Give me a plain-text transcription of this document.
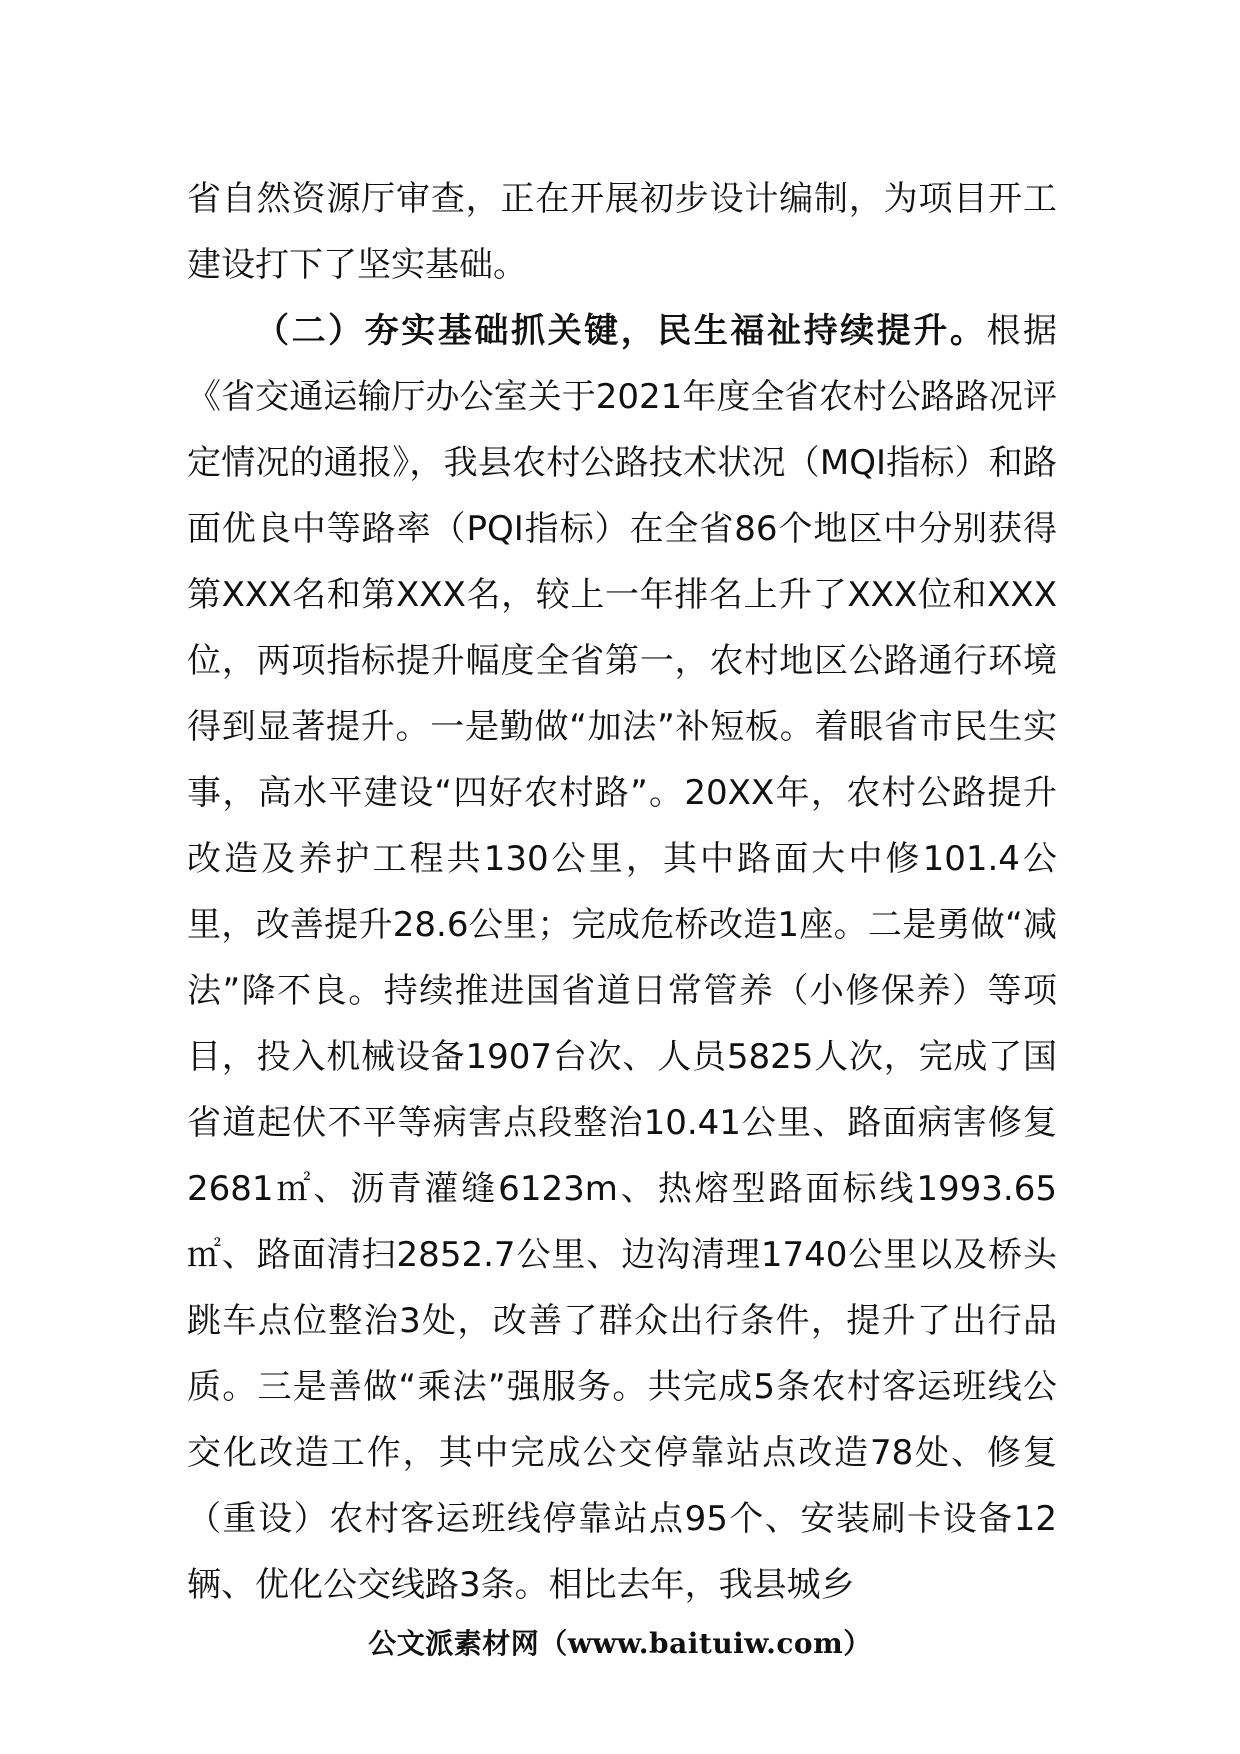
省自然资源厅审查，正在开展初步设计编制，为项目开工建设打下了坚实基础。

（二）夯实基础抓关键，民生福祉持续提升。根据《省交通运输厅办公室关于2021年度全省农村公路路况评定情况的通报》，我县农村公路技术状况（MQI指标）和路面优良中等路率（PQI指标）在全省86个地区中分别获得第XXX名和第XXX名，较上一年排名上升了XXX位和XXX位，两项指标提升幅度全省第一，农村地区公路通行环境得到显著提升。一是勤做“加法”补短板。着眼省市民生实事，高水平建设“四好农村路”。20XX年，农村公路提升改造及养护工程共130公里，其中路面大中修101.4公里，改善提升28.6公里；完成危桥改造1座。二是勇做“减法”降不良。持续推进国省道日常管养（小修保养）等项目，投入机械设备1907台次、人员5825人次，完成了国省道起伏不平等病害点段整治10.41公里、路面病害修复2681㎡、沥青灌缝6123m、热熔型路面标线1993.65㎡、路面清扫2852.7公里、边沟清理1740公里以及桥头跳车点位整治3处，改善了群众出行条件，提升了出行品质。三是善做“乘法”强服务。共完成5条农村客运班线公交化改造工作，其中完成公交停靠站点改造78处、修复（重设）农村客运班线停靠站点95个、安装刷卡设备12辆、优化公交线路3条。相比去年，我县城乡

公文派素材网（www.baituiw.com）
